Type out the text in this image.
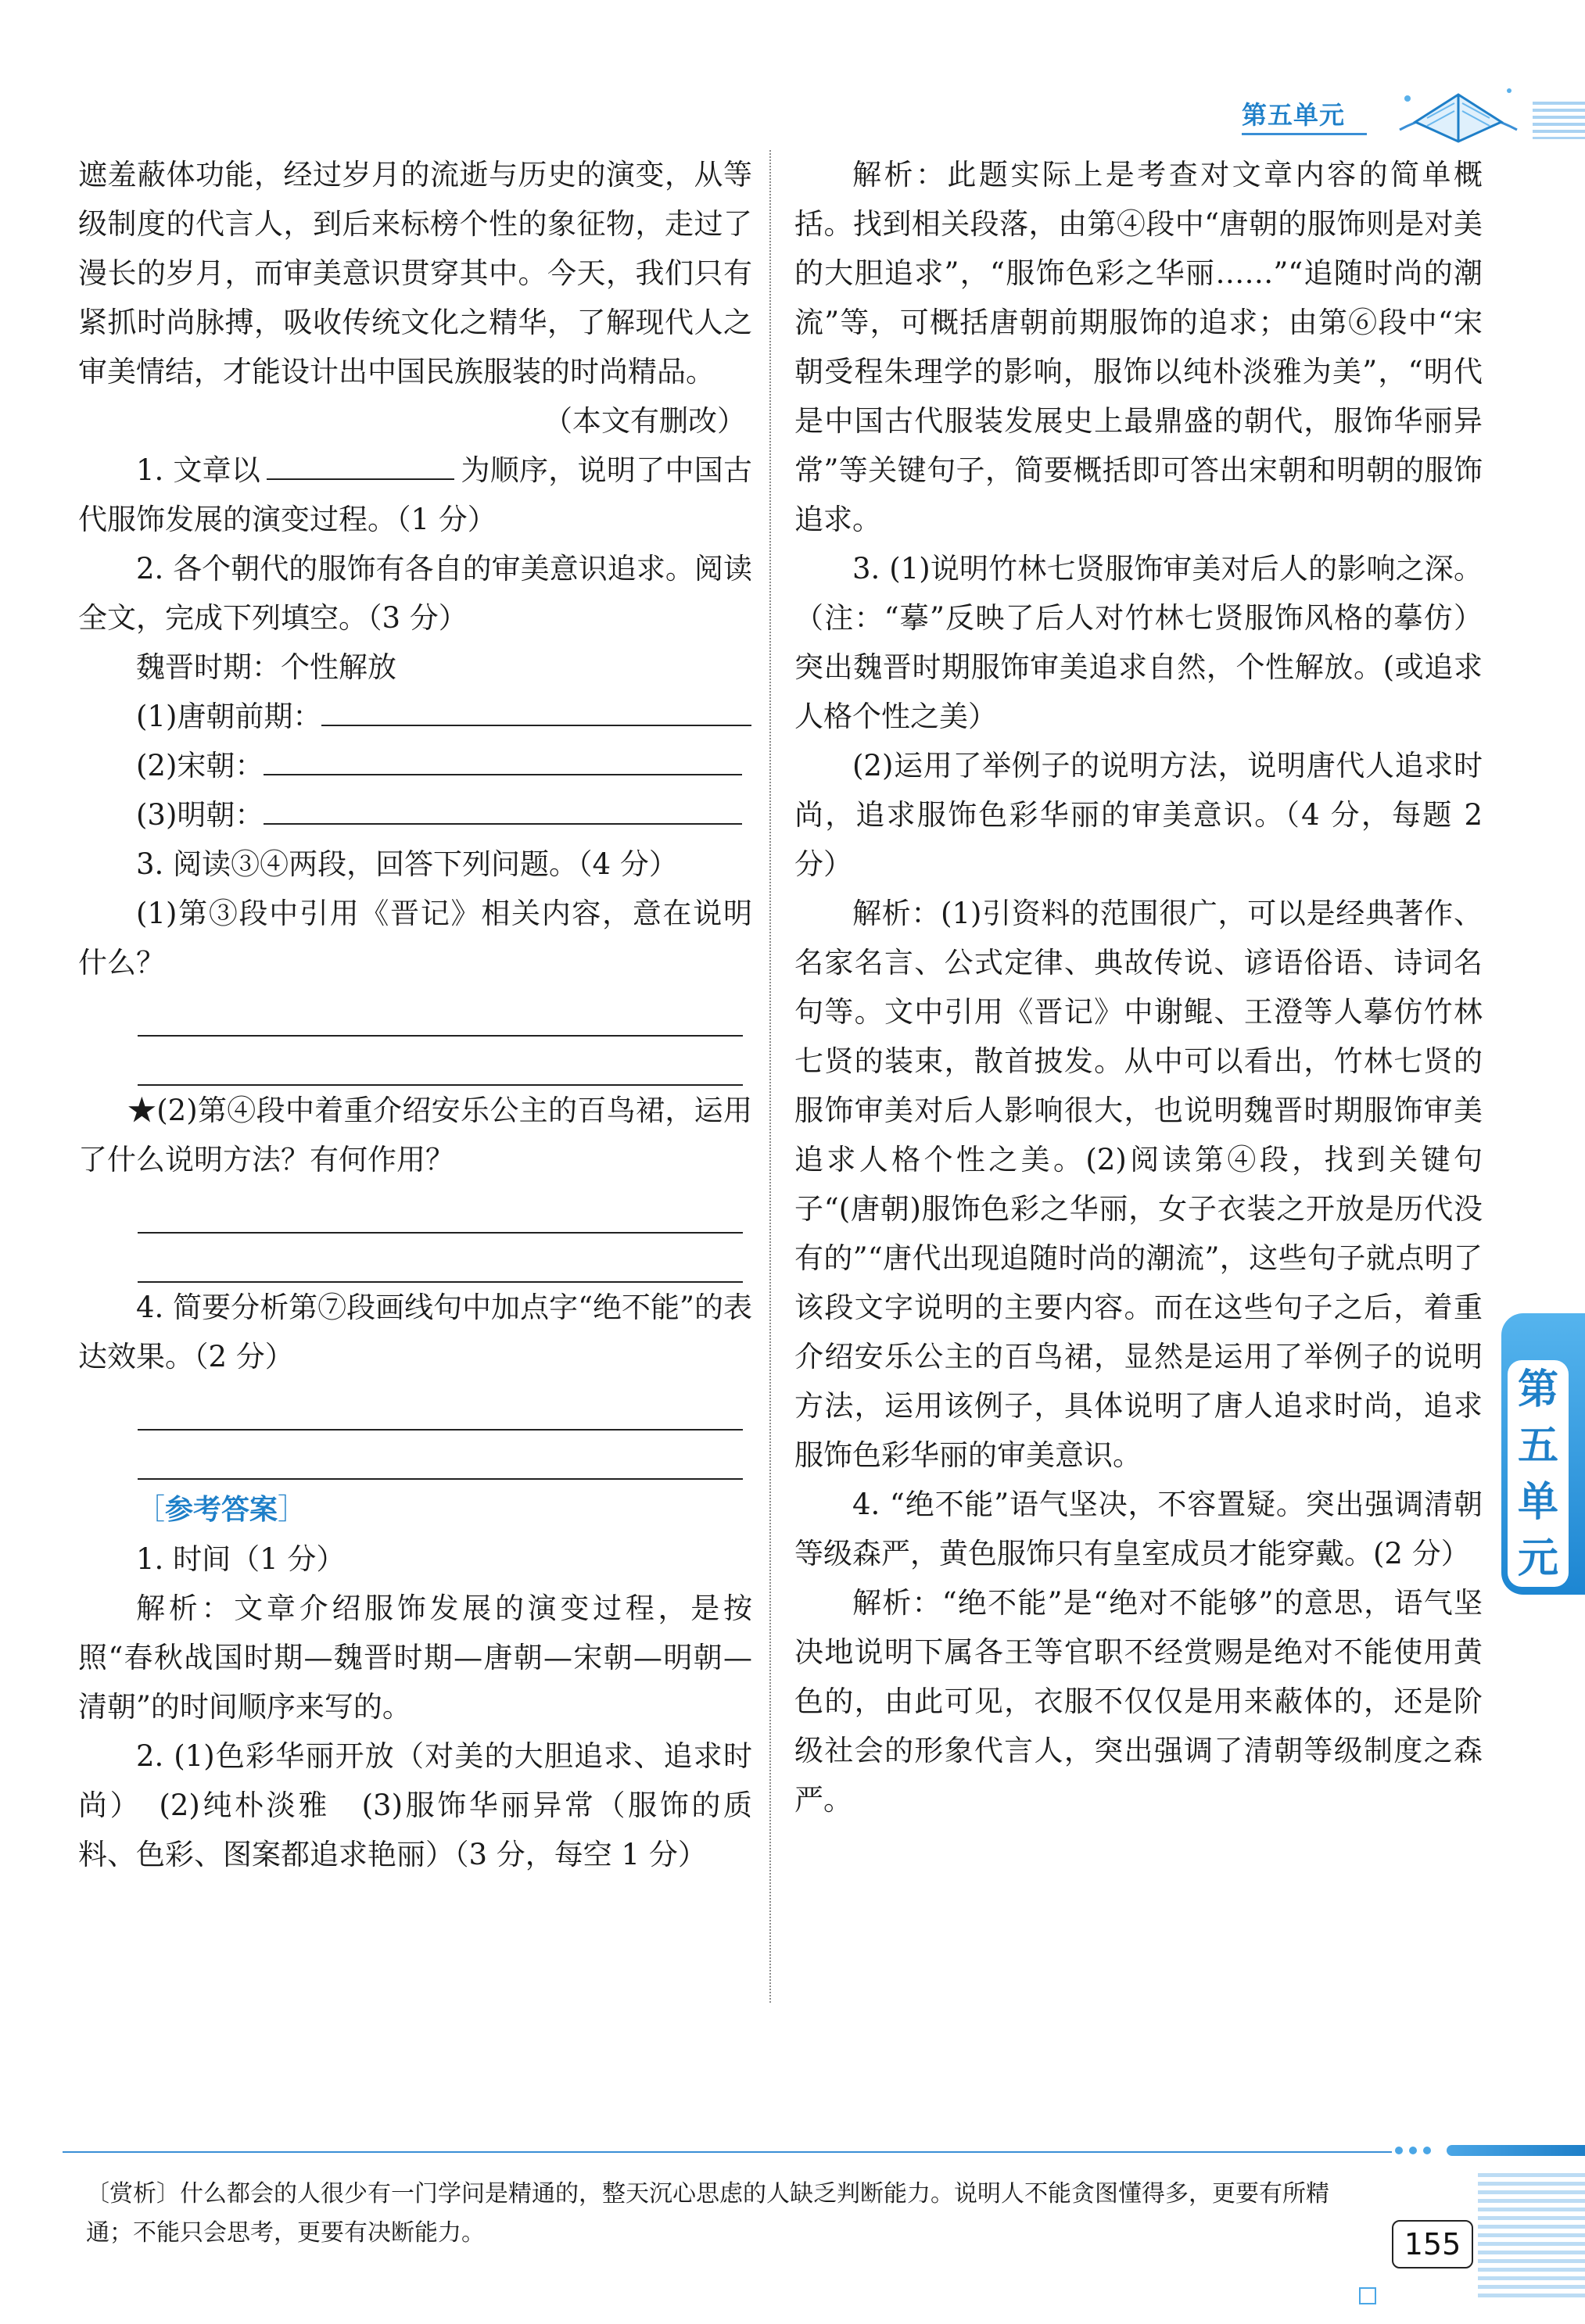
第五单元

遮羞蔽体功能，经过岁月的流逝与历史的演变，从等级制度的代言人，到后来标榜个性的象征物，走过了漫长的岁月，而审美意识贯穿其中。今天，我们只有紧抓时尚脉搏，吸收传统文化之精华，了解现代人之审美情结，才能设计出中国民族服装的时尚精品。

（本文有删改）

1. 文章以	为顺序，说明了中国古代服饰发展的演变过程。（1 分）

2. 各个朝代的服饰有各自的审美意识追求。阅读全文，完成下列填空。（3 分）

魏晋时期：个性解放

(1)唐朝前期：

(2)宋朝：

(3)明朝：

3. 阅读③④两段，回答下列问题。（4 分）

(1)第③段中引用《晋记》相关内容，意在说明什么？

★(2)第④段中着重介绍安乐公主的百鸟裙，运用了什么说明方法？有何作用？

4. 简要分析第⑦段画线句中加点字“绝不能”的表达效果。（2 分）

［参考答案］

1. 时间（1 分）

解析：文章介绍服饰发展的演变过程，是按照“春秋战国时期—魏晋时期—唐朝—宋朝—明朝—清朝”的时间顺序来写的。

2. (1)色彩华丽开放（对美的大胆追求、追求时尚）　(2)纯朴淡雅　(3)服饰华丽异常（服饰的质料、色彩、图案都追求艳丽）（3 分，每空 1 分）

解析：此题实际上是考查对文章内容的简单概括。找到相关段落，由第④段中“唐朝的服饰则是对美的大胆追求”，“服饰色彩之华丽……”“追随时尚的潮流”等，可概括唐朝前期服饰的追求；由第⑥段中“宋朝受程朱理学的影响，服饰以纯朴淡雅为美”，“明代是中国古代服装发展史上最鼎盛的朝代，服饰华丽异常”等关键句子，简要概括即可答出宋朝和明朝的服饰追求。

3. (1)说明竹林七贤服饰审美对后人的影响之深。（注：“摹”反映了后人对竹林七贤服饰风格的摹仿）突出魏晋时期服饰审美追求自然，个性解放。(或追求人格个性之美）

(2)运用了举例子的说明方法，说明唐代人追求时尚，追求服饰色彩华丽的审美意识。（4 分，每题 2 分）

解析：(1)引资料的范围很广，可以是经典著作、名家名言、公式定律、典故传说、谚语俗语、诗词名句等。文中引用《晋记》中谢鲲、王澄等人摹仿竹林七贤的装束，散首披发。从中可以看出，竹林七贤的服饰审美对后人影响很大，也说明魏晋时期服饰审美追求人格个性之美。(2)阅读第④段，找到关键句子“(唐朝)服饰色彩之华丽，女子衣装之开放是历代没有的”“唐代出现追随时尚的潮流”，这些句子就点明了该段文字说明的主要内容。而在这些句子之后，着重介绍安乐公主的百鸟裙，显然是运用了举例子的说明方法，运用该例子，具体说明了唐人追求时尚，追求服饰色彩华丽的审美意识。

4. “绝不能”语气坚决，不容置疑。突出强调清朝等级森严，黄色服饰只有皇室成员才能穿戴。(2 分）

解析：“绝不能”是“绝对不能够”的意思，语气坚决地说明下属各王等官职不经赏赐是绝对不能使用黄色的，由此可见，衣服不仅仅是用来蔽体的，还是阶级社会的形象代言人，突出强调了清朝等级制度之森严。

第五单元
〔赏析〕什么都会的人很少有一门学问是精通的，整天沉心思虑的人缺乏判断能力。说明人不能贪图懂得多，更要有所精通；不能只会思考，更要有决断能力。	155
